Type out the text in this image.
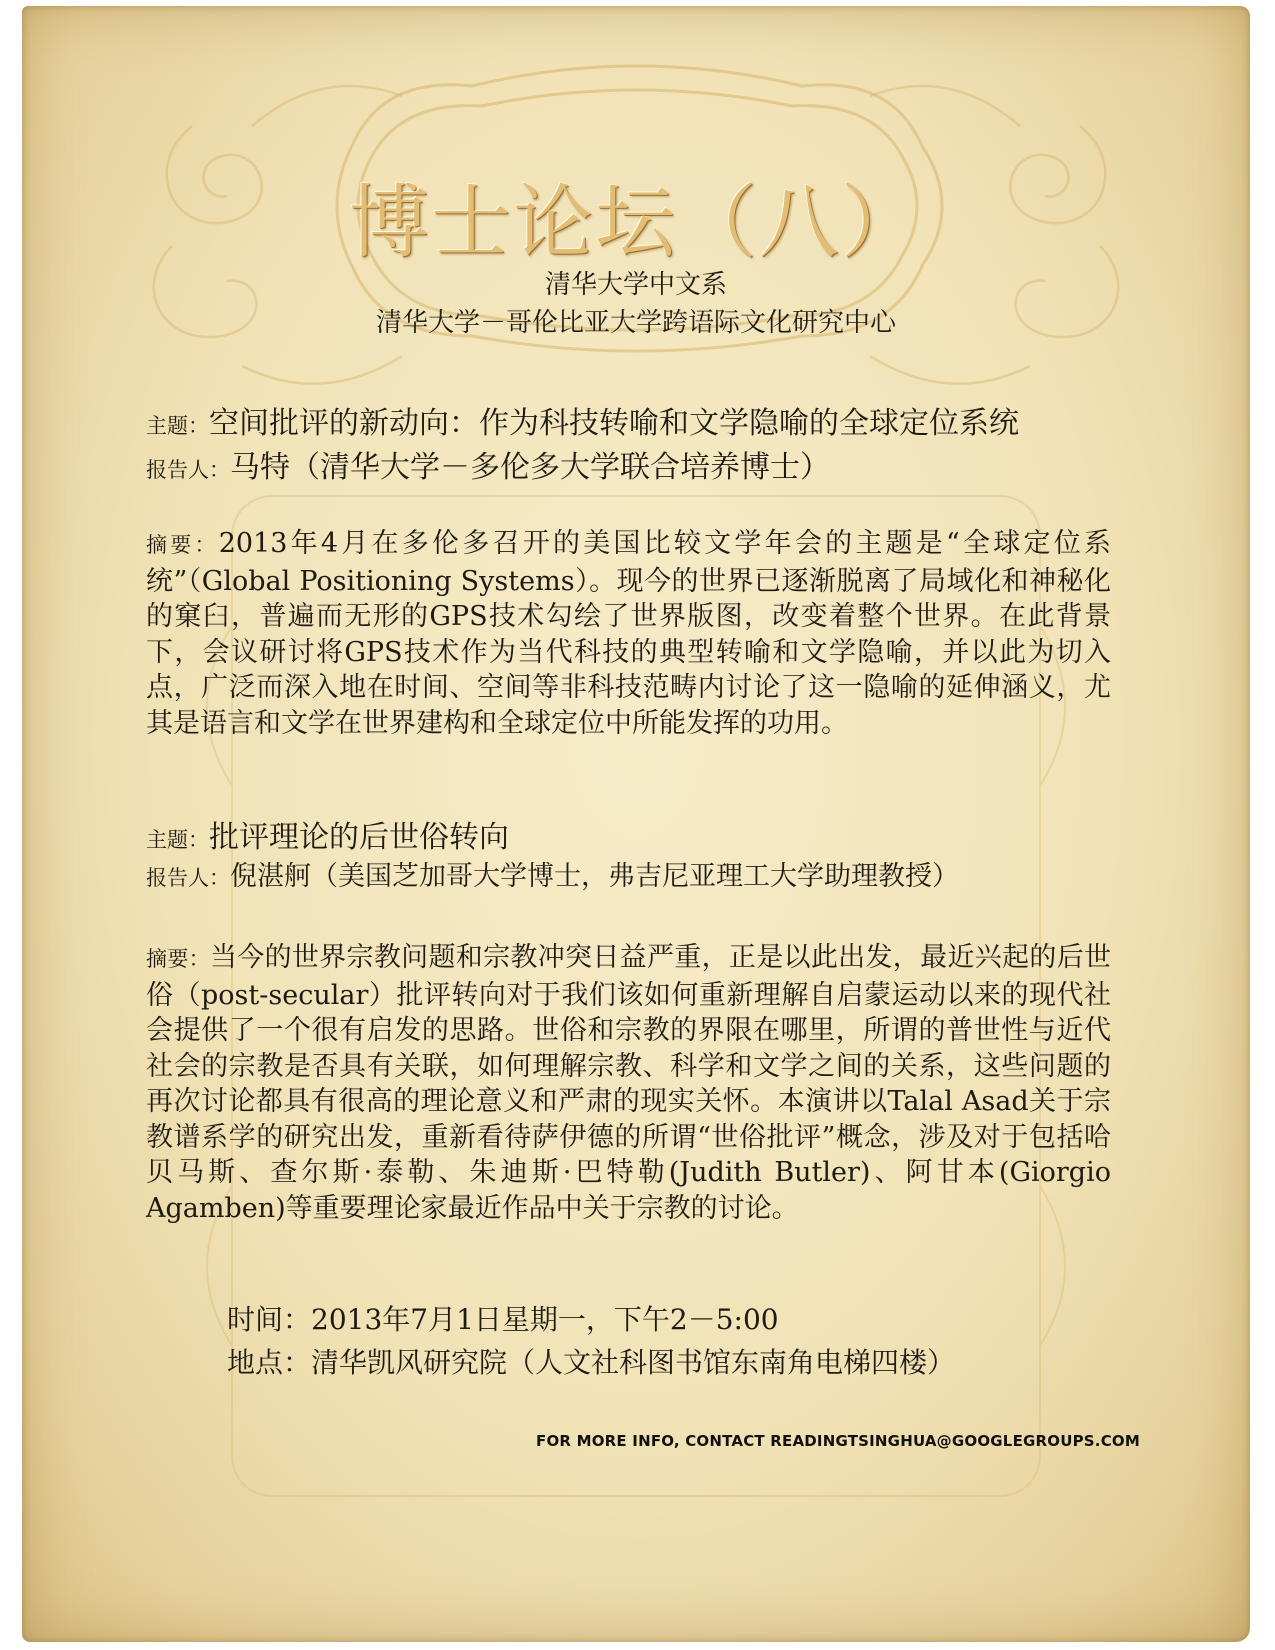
博士论坛（八）
清华大学中文系
清华大学－哥伦比亚大学跨语际文化研究中心
主题：空间批评的新动向：作为科技转喻和文学隐喻的全球定位系统
报告人：马特（清华大学－多伦多大学联合培养博士）
摘要：2013年4月在多伦多召开的美国比较文学年会的主题是“全球定位系统”（Global Positioning Systems）。现今的世界已逐渐脱离了局域化和神秘化的窠臼，普遍而无形的GPS技术勾绘了世界版图，改变着整个世界。在此背景下，会议研讨将GPS技术作为当代科技的典型转喻和文学隐喻，并以此为切入点，广泛而深入地在时间、空间等非科技范畴内讨论了这一隐喻的延伸涵义，尤其是语言和文学在世界建构和全球定位中所能发挥的功用。
主题：批评理论的后世俗转向
报告人：倪湛舸（美国芝加哥大学博士，弗吉尼亚理工大学助理教授）
摘要：当今的世界宗教问题和宗教冲突日益严重，正是以此出发，最近兴起的后世俗（post-secular）批评转向对于我们该如何重新理解自启蒙运动以来的现代社会提供了一个很有启发的思路。世俗和宗教的界限在哪里，所谓的普世性与近代社会的宗教是否具有关联，如何理解宗教、科学和文学之间的关系，这些问题的再次讨论都具有很高的理论意义和严肃的现实关怀。本演讲以Talal Asad关于宗教谱系学的研究出发，重新看待萨伊德的所谓“世俗批评”概念，涉及对于包括哈贝马斯、查尔斯·泰勒、朱迪斯·巴特勒(Judith Butler)、阿甘本(Giorgio Agamben)等重要理论家最近作品中关于宗教的讨论。
时间：2013年7月1日星期一，下午2－5:00
地点：清华凯风研究院（人文社科图书馆东南角电梯四楼）
FOR MORE INFO, CONTACT READINGTSINGHUA@GOOGLEGROUPS.COM
